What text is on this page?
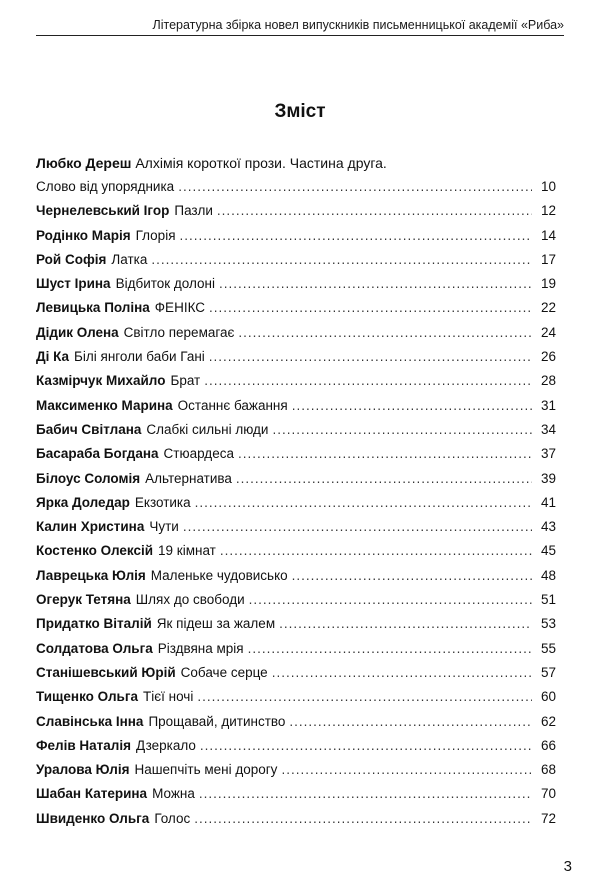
Літературна збірка новел випускників письменницької академії «Риба»
Зміст
Любко Дереш Алхімія короткої прози. Частина друга.
Слово від упорядника .....	10
Чернелевський Ігор Пазли .....	12
Родінко Марія Глорія .....	14
Рой Софія Латка .....	17
Шуст Ірина Відбиток долоні .....	19
Левицька Поліна ФЕНІКС .....	22
Дідик Олена Світло перемагає .....	24
Ді Ка Білі янголи баби Гані .....	26
Казмірчук Михайло Брат .....	28
Максименко Марина Останнє бажання .....	31
Бабич Світлана Слабкі сильні люди .....	34
Басараба Богдана Стюардеса .....	37
Білоус Соломія Альтернатива .....	39
Ярка Доледар Екзотика .....	41
Калин Христина Чути .....	43
Костенко Олексій 19 кімнат .....	45
Лаврецька Юлія Маленьке чудовисько .....	48
Огерук Тетяна Шлях до свободи .....	51
Придатко Віталій Як підеш за жалем .....	53
Солдатова Ольга Різдвяна мрія .....	55
Станішевський Юрій Собаче серце .....	57
Тищенко Ольга Тієї ночі .....	60
Славінська Інна Прощавай, дитинство .....	62
Фелів Наталія Дзеркало .....	66
Уралова Юлія Нашепчіть мені дорогу .....	68
Шабан Катерина Можна .....	70
Швиденко Ольга Голос .....	72
3
